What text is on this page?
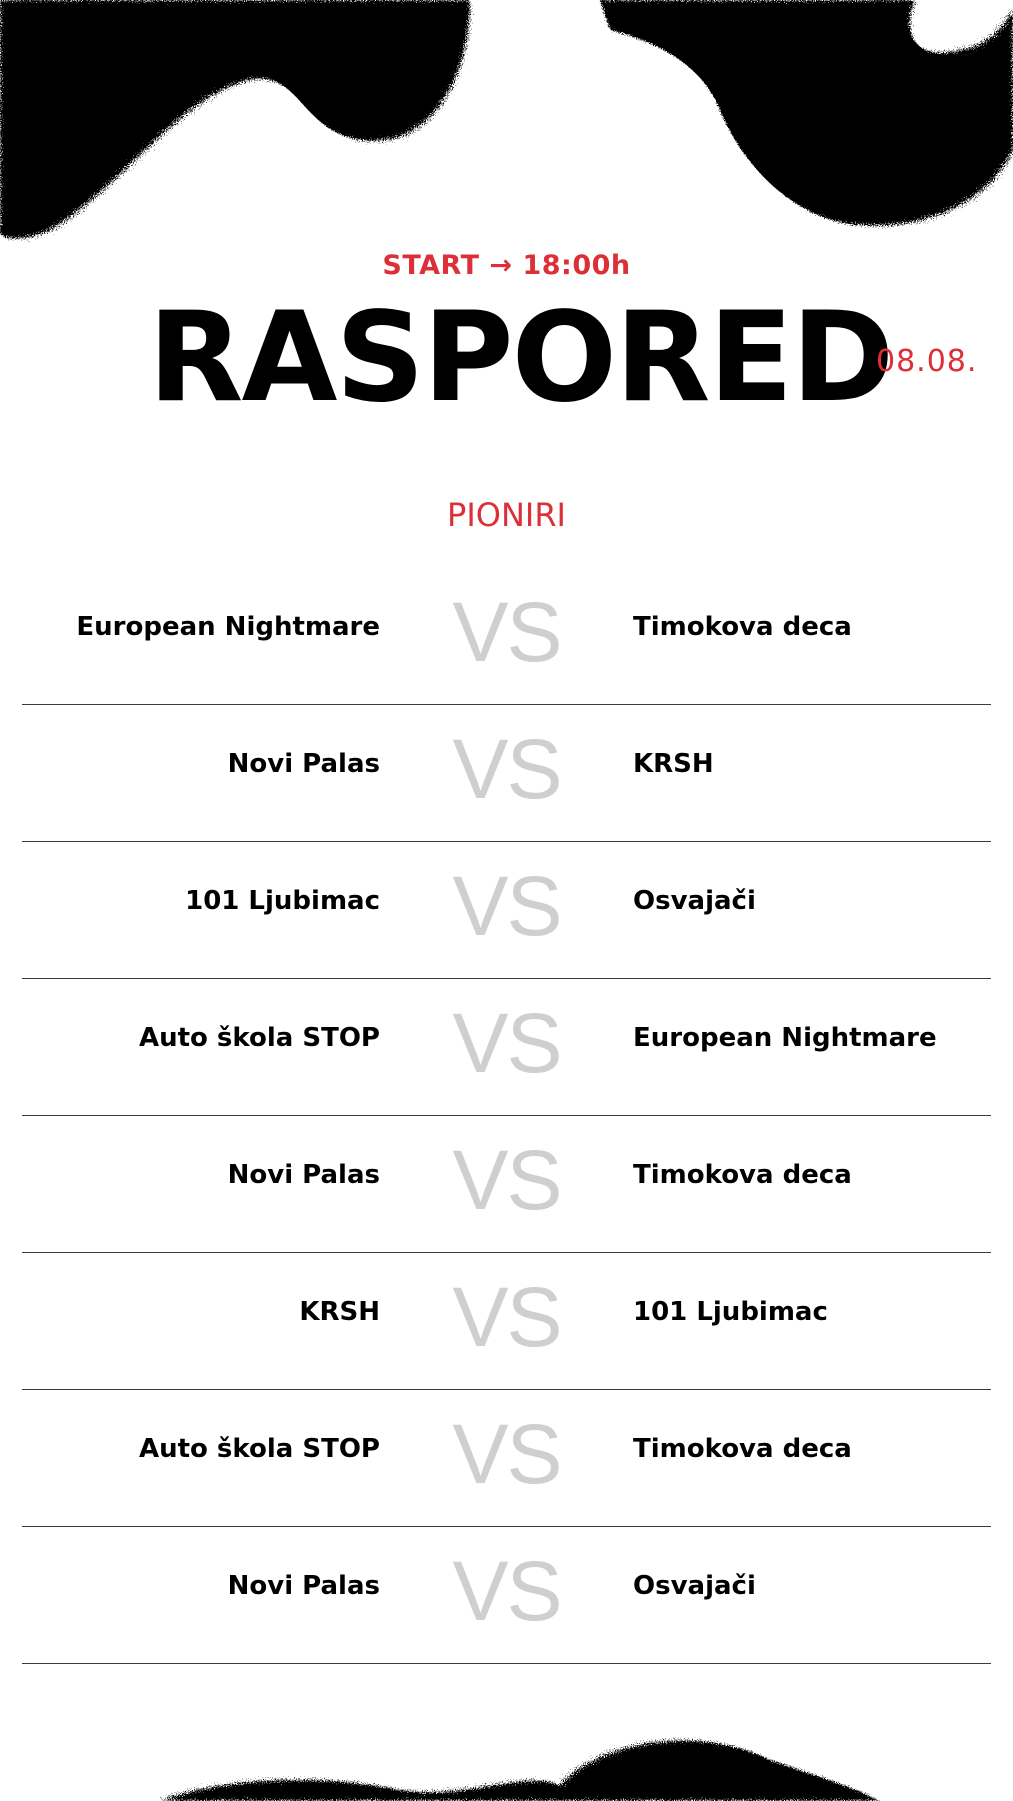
START → 18:00h
RASPORED
08.08.
PIONIRI
European Nightmare VS	Timokova deca
Novi Palas VS	KRSH
101 Ljubimac VS	Osvajači
Auto škola STOP VS	European Nightmare
Novi Palas VS	Timokova deca
KRSH VS	101 Ljubimac
Auto škola STOP VS	Timokova deca
Novi Palas VS	Osvajači
